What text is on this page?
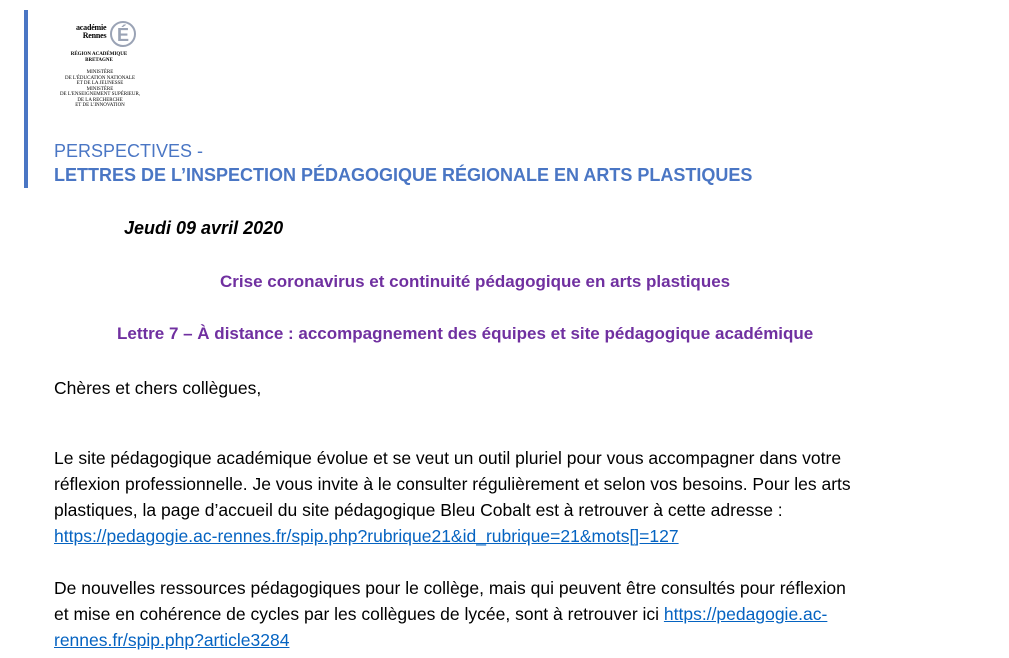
académie
Rennes É
RÉGION ACADÉMIQUE
BRETAGNE
MINISTÈRE
DE L'ÉDUCATION NATIONALE
ET DE LA JEUNESSE
MINISTÈRE
DE L'ENSEIGNEMENT SUPÉRIEUR,
DE LA RECHERCHE
ET DE L'INNOVATION
PERSPECTIVES -
LETTRES DE L’INSPECTION PÉDAGOGIQUE RÉGIONALE EN ARTS PLASTIQUES
Jeudi 09 avril 2020
Crise coronavirus et continuité pédagogique en arts plastiques
Lettre 7 – À distance : accompagnement des équipes et site pédagogique académique
Chères et chers collègues,
Le site pédagogique académique évolue et se veut un outil pluriel pour vous accompagner dans votre
réflexion professionnelle. Je vous invite à le consulter régulièrement et selon vos besoins. Pour les arts
plastiques, la page d’accueil du site pédagogique Bleu Cobalt est à retrouver à cette adresse :
https://pedagogie.ac-rennes.fr/spip.php?rubrique21&id_rubrique=21&mots[]=127
De nouvelles ressources pédagogiques pour le collège, mais qui peuvent être consultés pour réflexion
et mise en cohérence de cycles par les collègues de lycée, sont à retrouver ici https://pedagogie.ac-
rennes.fr/spip.php?article3284
